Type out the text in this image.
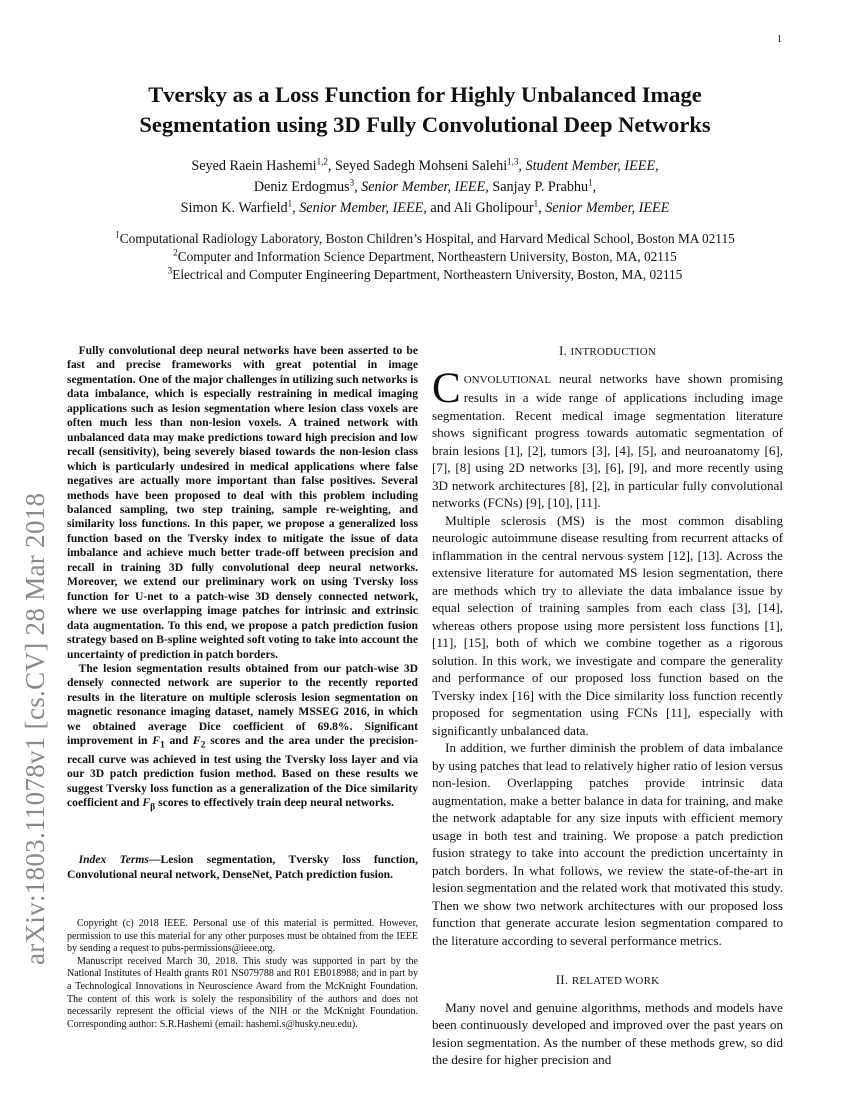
1
arXiv:1803.11078v1 [cs.CV] 28 Mar 2018
Tversky as a Loss Function for Highly Unbalanced Image
Segmentation using 3D Fully Convolutional Deep Networks
Seyed Raein Hashemi$^{1,2}$, Seyed Sadegh Mohseni Salehi$^{1,3}$, Student Member, IEEE,
Deniz Erdogmus$^3$, Senior Member, IEEE, Sanjay P. Prabhu$^1$,
Simon K. Warfield$^1$, Senior Member, IEEE, and Ali Gholipour$^1$, Senior Member, IEEE
$^1$Computational Radiology Laboratory, Boston Children’s Hospital, and Harvard Medical School, Boston MA 02115
$^2$Computer and Information Science Department, Northeastern University, Boston, MA, 02115
$^3$Electrical and Computer Engineering Department, Northeastern University, Boston, MA, 02115

Fully convolutional deep neural networks have been asserted to be fast and precise frameworks with great potential in image segmentation. One of the major challenges in utilizing such networks is data imbalance, which is especially restraining in medical imaging applications such as lesion segmentation where lesion class voxels are often much less than non-lesion voxels. A trained network with unbalanced data may make predictions toward high precision and low recall (sensitivity), being severely biased towards the non-lesion class which is particularly undesired in medical applications where false negatives are actually more important than false positives. Several methods have been proposed to deal with this problem including balanced sampling, two step training, sample re-weighting, and similarity loss functions. In this paper, we propose a generalized loss function based on the Tversky index to mitigate the issue of data imbalance and achieve much better trade-off between precision and recall in training 3D fully convolutional deep neural networks. Moreover, we extend our preliminary work on using Tversky loss function for U-net to a patch-wise 3D densely connected network, where we use overlapping image patches for intrinsic and extrinsic data augmentation. To this end, we propose a patch prediction fusion strategy based on B-spline weighted soft voting to take into account the uncertainty of prediction in patch borders.

The lesion segmentation results obtained from our patch-wise 3D densely connected network are superior to the recently reported results in the literature on multiple sclerosis lesion segmentation on magnetic resonance imaging dataset, namely MSSEG 2016, in which we obtained average Dice coefficient of 69.8%. Significant improvement in $F_1$ and $F_2$ scores and the area under the precision-recall curve was achieved in test using the Tversky loss layer and via our 3D patch prediction fusion method. Based on these results we suggest Tversky loss function as a generalization of the Dice similarity coefficient and $F_\beta$ scores to effectively train deep neural networks.

Index Terms—Lesion segmentation, Tversky loss function, Convolutional neural network, DenseNet, Patch prediction fusion.

Copyright (c) 2018 IEEE. Personal use of this material is permitted. However, permission to use this material for any other purposes must be obtained from the IEEE by sending a request to pubs-permissions@ieee.org.

Manuscript received March 30, 2018. This study was supported in part by the National Institutes of Health grants R01 NS079788 and R01 EB018988; and in part by a Technological Innovations in Neuroscience Award from the McKnight Foundation. The content of this work is solely the responsibility of the authors and does not necessarily represent the official views of the NIH or the McKnight Foundation. Corresponding author: S.R.Hashemi (email: hashemi.s@husky.neu.edu).

I. INTRODUCTION

CONVOLUTIONAL neural networks have shown promising results in a wide range of applications including image segmentation. Recent medical image segmentation literature shows significant progress towards automatic segmentation of brain lesions [1], [2], tumors [3], [4], [5], and neuroanatomy [6], [7], [8] using 2D networks [3], [6], [9], and more recently using 3D network architectures [8], [2], in particular fully convolutional networks (FCNs) [9], [10], [11].

Multiple sclerosis (MS) is the most common disabling neurologic autoimmune disease resulting from recurrent attacks of inflammation in the central nervous system [12], [13]. Across the extensive literature for automated MS lesion segmentation, there are methods which try to alleviate the data imbalance issue by equal selection of training samples from each class [3], [14], whereas others propose using more persistent loss functions [1], [11], [15], both of which we combine together as a rigorous solution. In this work, we investigate and compare the generality and performance of our proposed loss function based on the Tversky index [16] with the Dice similarity loss function recently proposed for segmentation using FCNs [11], especially with significantly unbalanced data.

In addition, we further diminish the problem of data imbalance by using patches that lead to relatively higher ratio of lesion versus non-lesion. Overlapping patches provide intrinsic data augmentation, make a better balance in data for training, and make the network adaptable for any size inputs with efficient memory usage in both test and training. We propose a patch prediction fusion strategy to take into account the prediction uncertainty in patch borders. In what follows, we review the state-of-the-art in lesion segmentation and the related work that motivated this study. Then we show two network architectures with our proposed loss function that generate accurate lesion segmentation compared to the literature according to several performance metrics.

II. RELATED WORK

Many novel and genuine algorithms, methods and models have been continuously developed and improved over the past years on lesion segmentation. As the number of these methods grew, so did the desire for higher precision and
